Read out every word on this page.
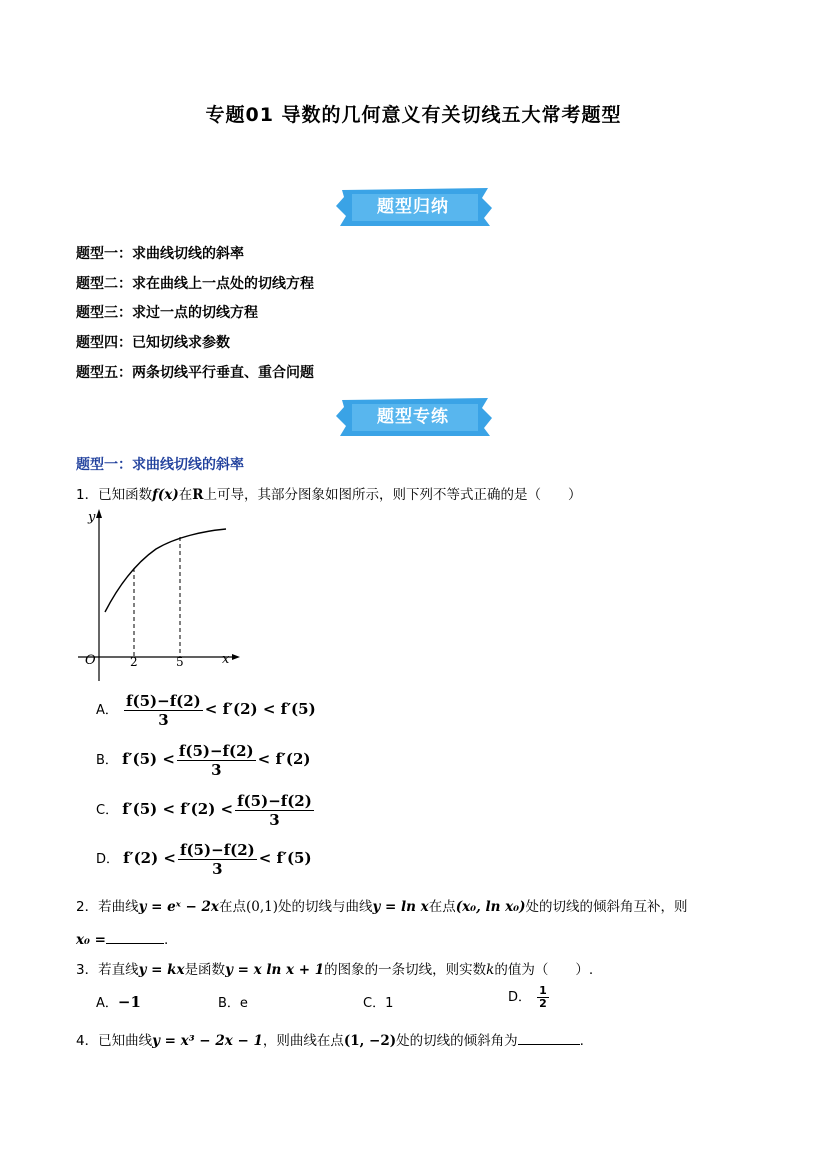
专题01 导数的几何意义有关切线五大常考题型
题型归纳
题型一：求曲线切线的斜率
题型二：求在曲线上一点处的切线方程
题型三：求过一点的切线方程
题型四：已知切线求参数
题型五：两条切线平行垂直、重合问题
题型专练
题型一：求曲线切线的斜率
1．已知函数f(x)在R上可导，其部分图象如图所示，则下列不等式正确的是（　　）
y
x
O	2	5
A． $\frac{f(5)-f(2)}{3} < f'(2) < f'(5)$
B． $f'(5) < \frac{f(5)-f(2)}{3} < f'(2)$
C． $f'(5) < f'(2) < \frac{f(5)-f(2)}{3}$
D． $f'(2) < \frac{f(5)-f(2)}{3} < f'(5)$
2．若曲线y = eˣ − 2x在点(0,1)处的切线与曲线y = ln x在点(x₀, ln x₀)处的切线的倾斜角互补，则
x₀ =	.
3．若直线y = kx是函数y = x ln x + 1的图象的一条切线，则实数k的值为（　　）.
A．−1	B．e	C．1	D． $\frac{1}{2}$
4．已知曲线y = x³ − 2x − 1，则曲线在点(1, −2)处的切线的倾斜角为	.
